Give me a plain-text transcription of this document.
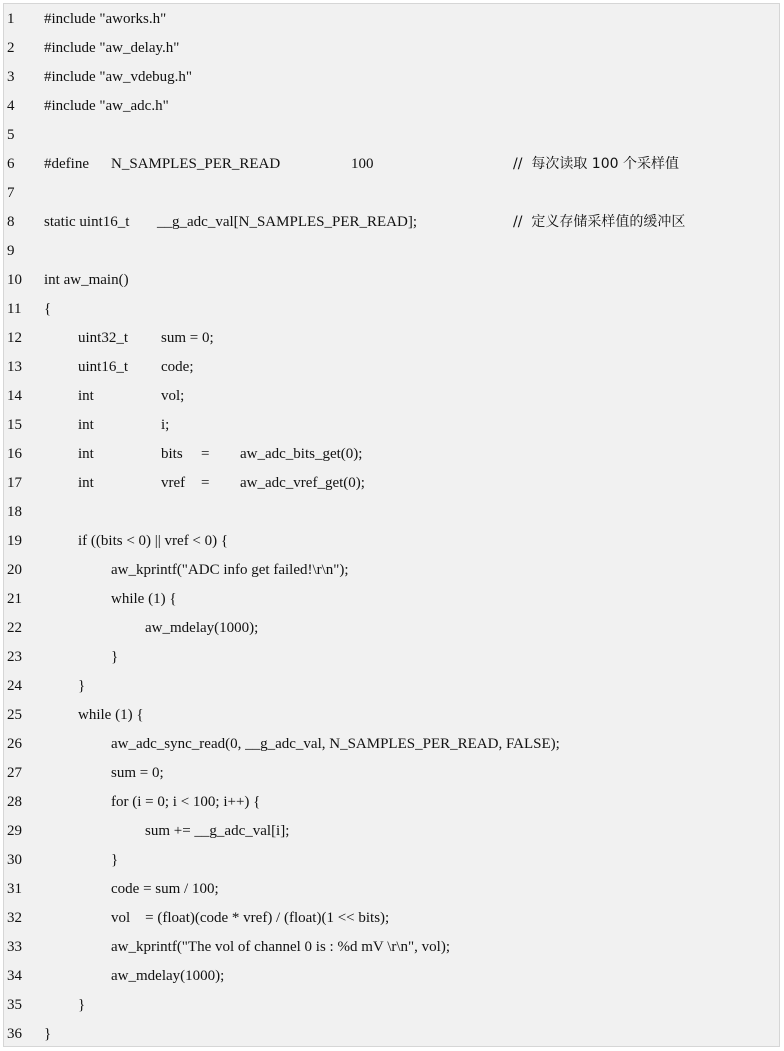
1 #include "aworks.h"
2 #include "aw_delay.h"
3 #include "aw_vdebug.h"
4 #include "aw_adc.h"
5
6 #define N_SAMPLES_PER_READ	100	//  每次读取 100 个采样值
7
8 static uint16_t __g_adc_val[N_SAMPLES_PER_READ];	//  定义存储采样值的缓冲区
9
10 int aw_main()
11 {
12	uint32_t sum = 0;
13	uint16_t code;
14	int	vol;
15	int	i;
16	int	bits = aw_adc_bits_get(0);
17	int	vref = aw_adc_vref_get(0);
18
19	if ((bits < 0) || vref < 0) {
20	aw_kprintf("ADC info get failed!\r\n");
21	while (1) {
22	aw_mdelay(1000);
23	}
24	}
25	while (1) {
26	aw_adc_sync_read(0, __g_adc_val, N_SAMPLES_PER_READ, FALSE);
27	sum = 0;
28	for (i = 0; i < 100; i++) {
29	sum += __g_adc_val[i];
30	}
31	code = sum / 100;
32	vol    = (float)(code * vref) / (float)(1 << bits);
33	aw_kprintf("The vol of channel 0 is : %d mV \r\n", vol);
34	aw_mdelay(1000);
35	}
36 }
